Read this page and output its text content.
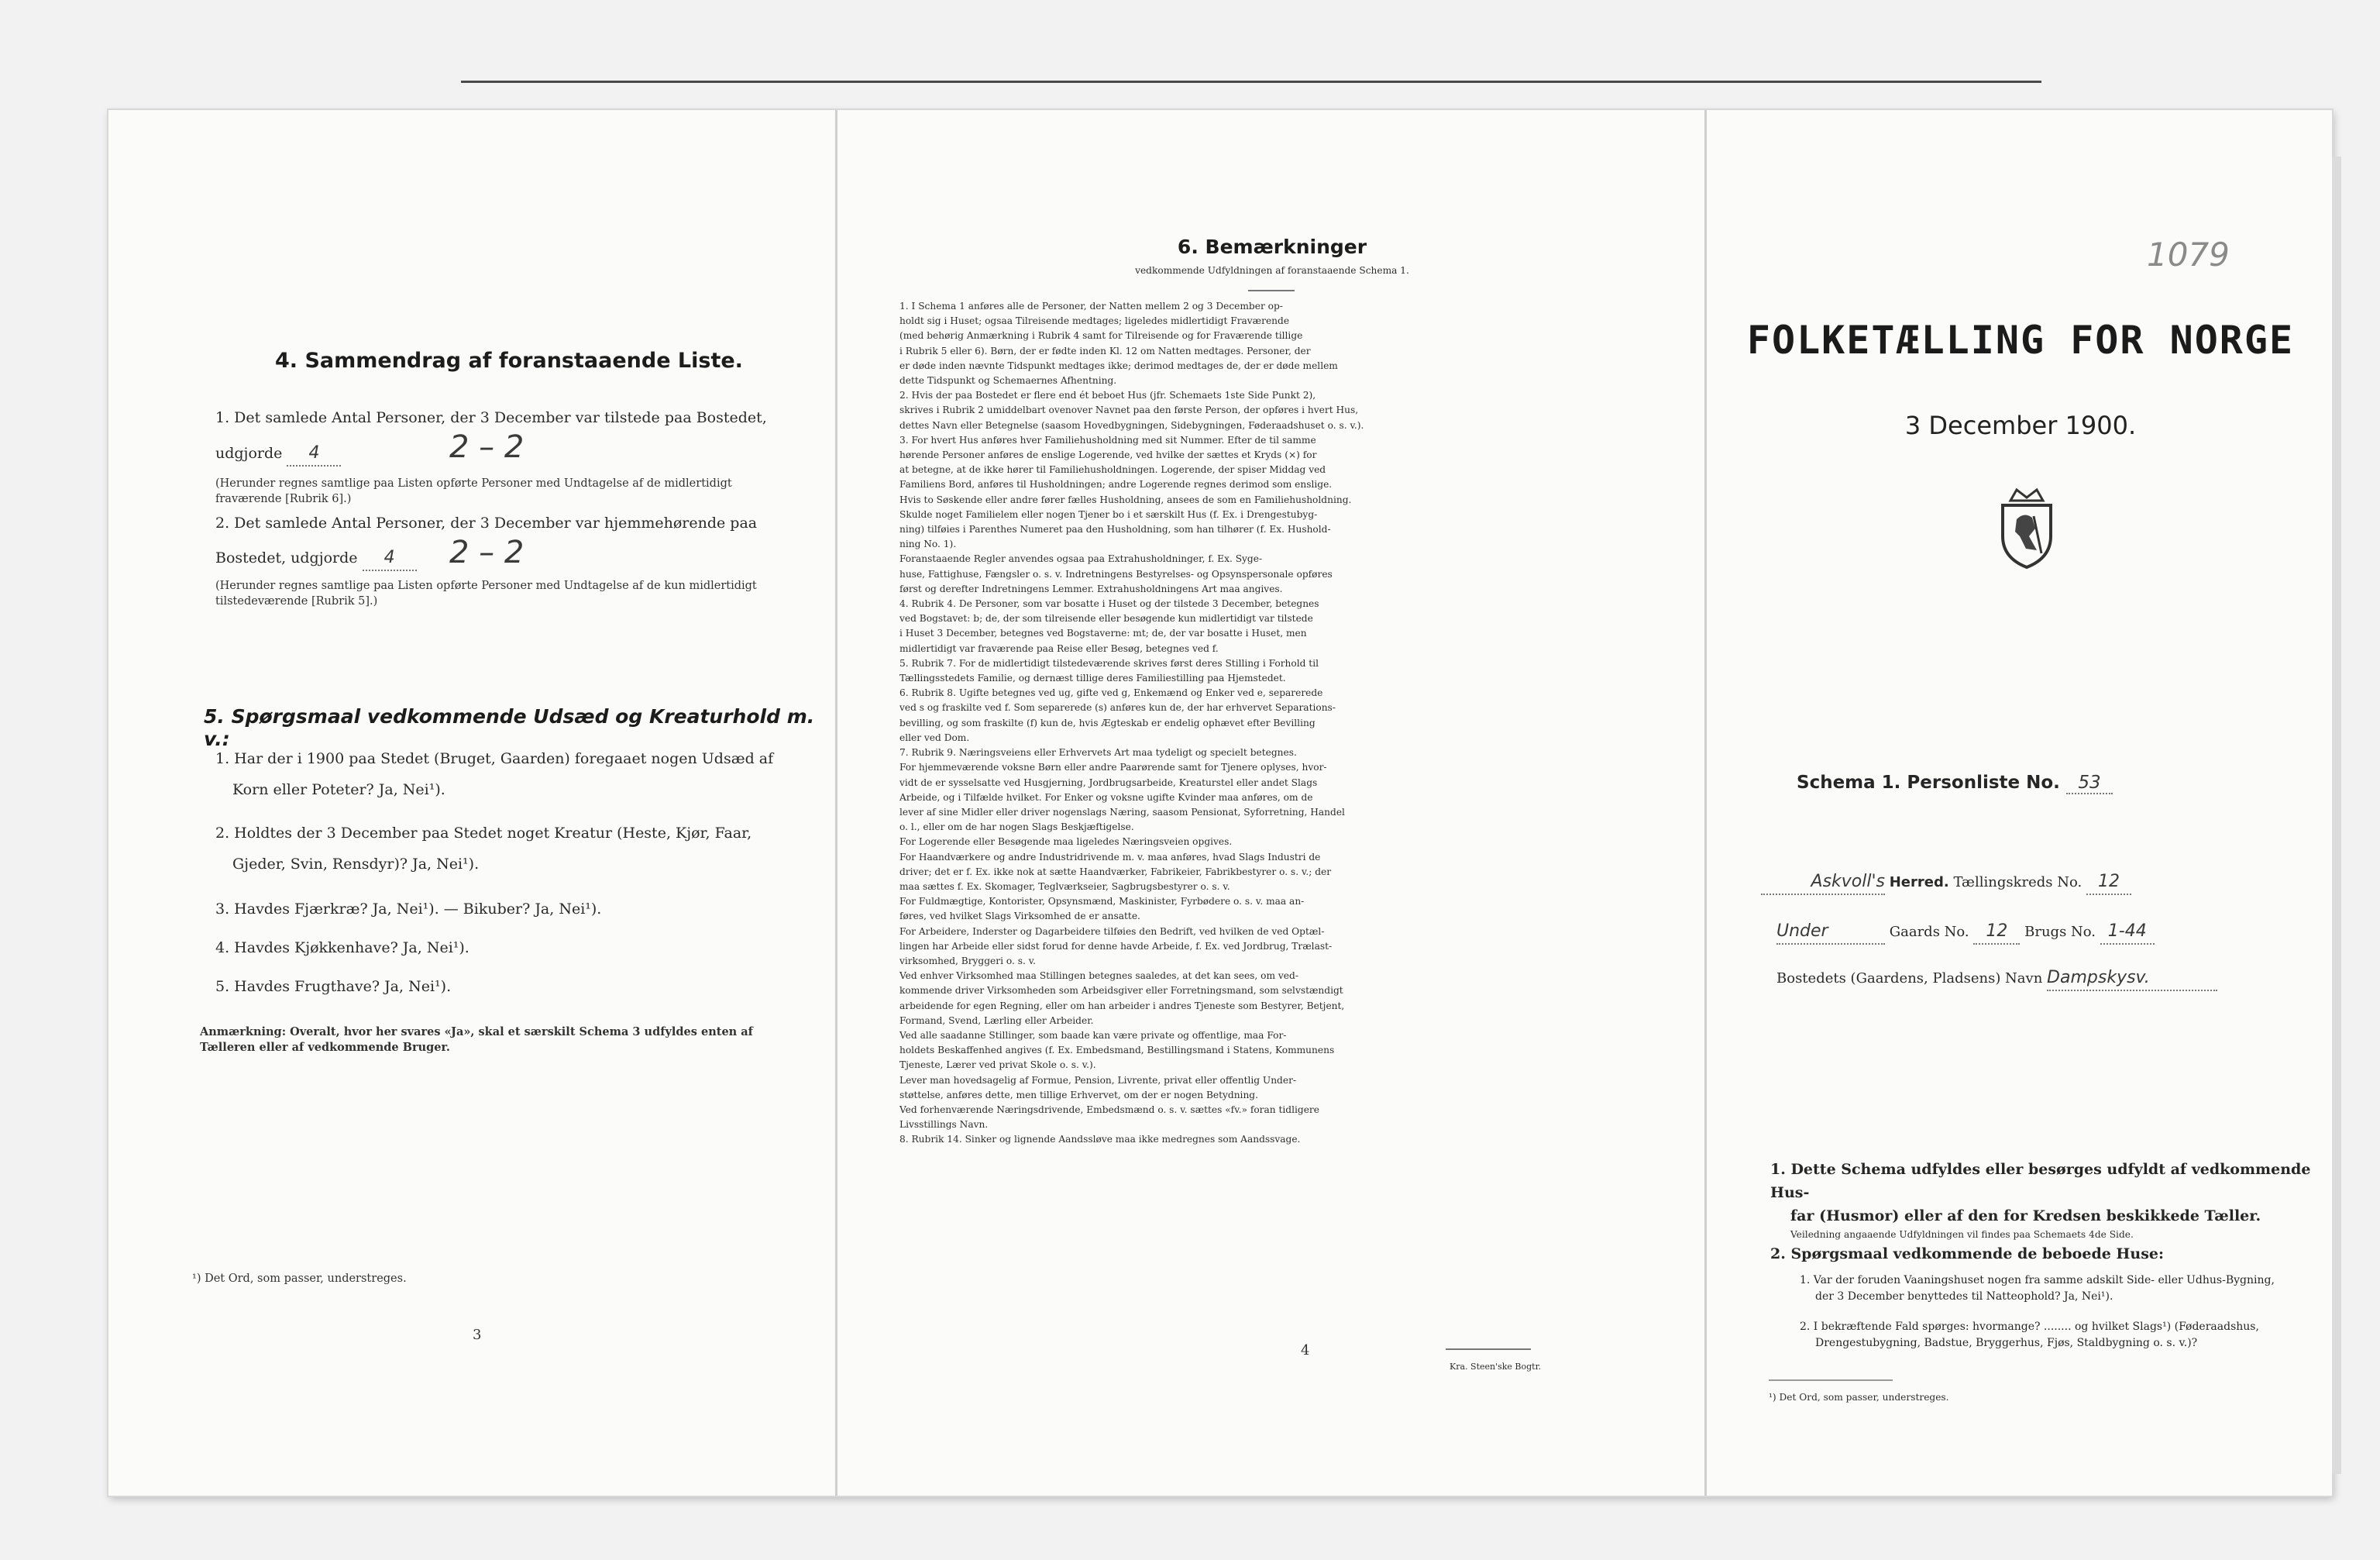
4. Sammendrag af foranstaaende Liste.
1. Det samlede Antal Personer, der 3 December var tilstede paa Bostedet,
udgjorde 4	2 – 2
(Herunder regnes samtlige paa Listen opførte Personer med Undtagelse af de midlertidigt fraværende [Rubrik 6].)
2. Det samlede Antal Personer, der 3 December var hjemmehørende paa
Bostedet, udgjorde 4	2 – 2
(Herunder regnes samtlige paa Listen opførte Personer med Undtagelse af de kun midlertidigt tilstedeværende [Rubrik 5].)
5. Spørgsmaal vedkommende Udsæd og Kreaturhold m. v.:
1. Har der i 1900 paa Stedet (Bruget, Gaarden) foregaaet nogen Udsæd af
Korn eller Poteter? Ja, Nei¹).
2. Holdtes der 3 December paa Stedet noget Kreatur (Heste, Kjør, Faar,
Gjeder, Svin, Rensdyr)? Ja, Nei¹).
3. Havdes Fjærkræ? Ja, Nei¹). — Bikuber? Ja, Nei¹).
4. Havdes Kjøkkenhave? Ja, Nei¹).
5. Havdes Frugthave? Ja, Nei¹).
Anmærkning: Overalt, hvor her svares «Ja», skal et særskilt Schema 3 udfyldes enten af Tælleren eller af vedkommende Bruger.
¹) Det Ord, som passer, understreges.
3
6. Bemærkninger
vedkommende Udfyldningen af foranstaaende Schema 1.
1. I Schema 1 anføres alle de Personer, der Natten mellem 2 og 3 December op-
holdt sig i Huset; ogsaa Tilreisende medtages; ligeledes midlertidigt Fraværende
(med behørig Anmærkning i Rubrik 4 samt for Tilreisende og for Fraværende tillige
i Rubrik 5 eller 6). Børn, der er fødte inden Kl. 12 om Natten medtages. Personer, der
er døde inden nævnte Tidspunkt medtages ikke; derimod medtages de, der er døde mellem
dette Tidspunkt og Schemaernes Afhentning.
2. Hvis der paa Bostedet er flere end ét beboet Hus (jfr. Schemaets 1ste Side Punkt 2),
skrives i Rubrik 2 umiddelbart ovenover Navnet paa den første Person, der opføres i hvert Hus,
dettes Navn eller Betegnelse (saasom Hovedbygningen, Sidebygningen, Føderaadshuset o. s. v.).
3. For hvert Hus anføres hver Familiehusholdning med sit Nummer. Efter de til samme
hørende Personer anføres de enslige Logerende, ved hvilke der sættes et Kryds (×) for
at betegne, at de ikke hører til Familiehusholdningen. Logerende, der spiser Middag ved
Familiens Bord, anføres til Husholdningen; andre Logerende regnes derimod som enslige.
Hvis to Søskende eller andre fører fælles Husholdning, ansees de som en Familiehusholdning.
Skulde noget Familielem eller nogen Tjener bo i et særskilt Hus (f. Ex. i Drengestubyg-
ning) tilføies i Parenthes Numeret paa den Husholdning, som han tilhører (f. Ex. Hushold-
ning No. 1).
Foranstaaende Regler anvendes ogsaa paa Extrahusholdninger, f. Ex. Syge-
huse, Fattighuse, Fængsler o. s. v. Indretningens Bestyrelses- og Opsynspersonale opføres
først og derefter Indretningens Lemmer. Extrahusholdningens Art maa angives.
4. Rubrik 4. De Personer, som var bosatte i Huset og der tilstede 3 December, betegnes
ved Bogstavet: b; de, der som tilreisende eller besøgende kun midlertidigt var tilstede
i Huset 3 December, betegnes ved Bogstaverne: mt; de, der var bosatte i Huset, men
midlertidigt var fraværende paa Reise eller Besøg, betegnes ved f.
5. Rubrik 7. For de midlertidigt tilstedeværende skrives først deres Stilling i Forhold til
Tællingsstedets Familie, og dernæst tillige deres Familiestilling paa Hjemstedet.
6. Rubrik 8. Ugifte betegnes ved ug, gifte ved g, Enkemænd og Enker ved e, separerede
ved s og fraskilte ved f. Som separerede (s) anføres kun de, der har erhvervet Separations-
bevilling, og som fraskilte (f) kun de, hvis Ægteskab er endelig ophævet efter Bevilling
eller ved Dom.
7. Rubrik 9. Næringsveiens eller Erhvervets Art maa tydeligt og specielt betegnes.
For hjemmeværende voksne Børn eller andre Paarørende samt for Tjenere oplyses, hvor-
vidt de er sysselsatte ved Husgjerning, Jordbrugsarbeide, Kreaturstel eller andet Slags
Arbeide, og i Tilfælde hvilket. For Enker og voksne ugifte Kvinder maa anføres, om de
lever af sine Midler eller driver nogenslags Næring, saasom Pensionat, Syforretning, Handel
o. l., eller om de har nogen Slags Beskjæftigelse.
For Logerende eller Besøgende maa ligeledes Næringsveien opgives.
For Haandværkere og andre Industridrivende m. v. maa anføres, hvad Slags Industri de
driver; det er f. Ex. ikke nok at sætte Haandværker, Fabrikeier, Fabrikbestyrer o. s. v.; der
maa sættes f. Ex. Skomager, Teglværkseier, Sagbrugsbestyrer o. s. v.
For Fuldmægtige, Kontorister, Opsynsmænd, Maskinister, Fyrbødere o. s. v. maa an-
føres, ved hvilket Slags Virksomhed de er ansatte.
For Arbeidere, Inderster og Dagarbeidere tilføies den Bedrift, ved hvilken de ved Optæl-
lingen har Arbeide eller sidst forud for denne havde Arbeide, f. Ex. ved Jordbrug, Trælast-
virksomhed, Bryggeri o. s. v.
Ved enhver Virksomhed maa Stillingen betegnes saaledes, at det kan sees, om ved-
kommende driver Virksomheden som Arbeidsgiver eller Forretningsmand, som selvstændigt
arbeidende for egen Regning, eller om han arbeider i andres Tjeneste som Bestyrer, Betjent,
Formand, Svend, Lærling eller Arbeider.
Ved alle saadanne Stillinger, som baade kan være private og offentlige, maa For-
holdets Beskaffenhed angives (f. Ex. Embedsmand, Bestillingsmand i Statens, Kommunens
Tjeneste, Lærer ved privat Skole o. s. v.).
Lever man hovedsagelig af Formue, Pension, Livrente, privat eller offentlig Under-
støttelse, anføres dette, men tillige Erhvervet, om der er nogen Betydning.
Ved forhenværende Næringsdrivende, Embedsmænd o. s. v. sættes «fv.» foran tidligere
Livsstillings Navn.
8. Rubrik 14. Sinker og lignende Aandssløve maa ikke medregnes som Aandssvage.
4
Kra. Steen'ske Bogtr.
1079
FOLKETÆLLING FOR NORGE
3 December 1900.
Schema 1. Personliste No. 53
Askvoll's Herred. Tællingskreds No. 12
Under	Gaards No. 12 Brugs No. 1-44
Bostedets (Gaardens, Pladsens) Navn Dampskysv.
1. Dette Schema udfyldes eller besørges udfyldt af vedkommende Hus-
far (Husmor) eller af den for Kredsen beskikkede Tæller.
Veiledning angaaende Udfyldningen vil findes paa Schemaets 4de Side.
2. Spørgsmaal vedkommende de beboede Huse:
1. Var der foruden Vaaningshuset nogen fra samme adskilt Side- eller Udhus-Bygning,
der 3 December benyttedes til Natteophold? Ja, Nei¹).
2. I bekræftende Fald spørges: hvormange? ........ og hvilket Slags¹) (Føderaadshus,
Drengestubygning, Badstue, Bryggerhus, Fjøs, Staldbygning o. s. v.)?
¹) Det Ord, som passer, understreges.
